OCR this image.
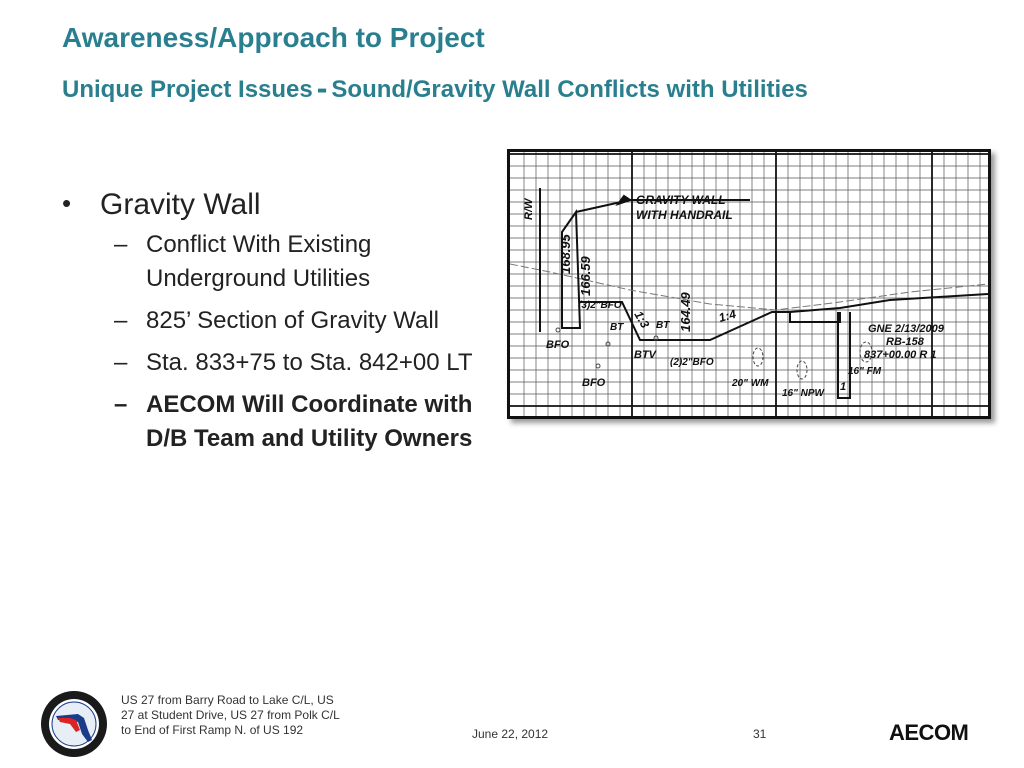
Awareness/Approach to Project
Unique Project Issues - Sound/Gravity Wall Conflicts with Utilities
• Gravity Wall
– Conflict With Existing Underground Utilities
– 825’ Section of Gravity Wall
– Sta. 833+75 to Sta. 842+00 LT
– AECOM Will Coordinate with D/B Team and Utility Owners
R/W	GRAVITY WALL
WITH HANDRAIL
168.95
166.59
164.49
(3)2"BFO
BT	BT
1:3	1:4
BFO
BFO
BTV
(2)2"BFO
20" WM
16" NPW
16" FM
GNE 2/13/2009
RB-158
837+00.00 R 1
1
US 27 from Barry Road to Lake C/L, US 27 at Student Drive, US 27 from Polk C/L to End of First Ramp N. of US 192	June 22, 2012	31	AECOM
